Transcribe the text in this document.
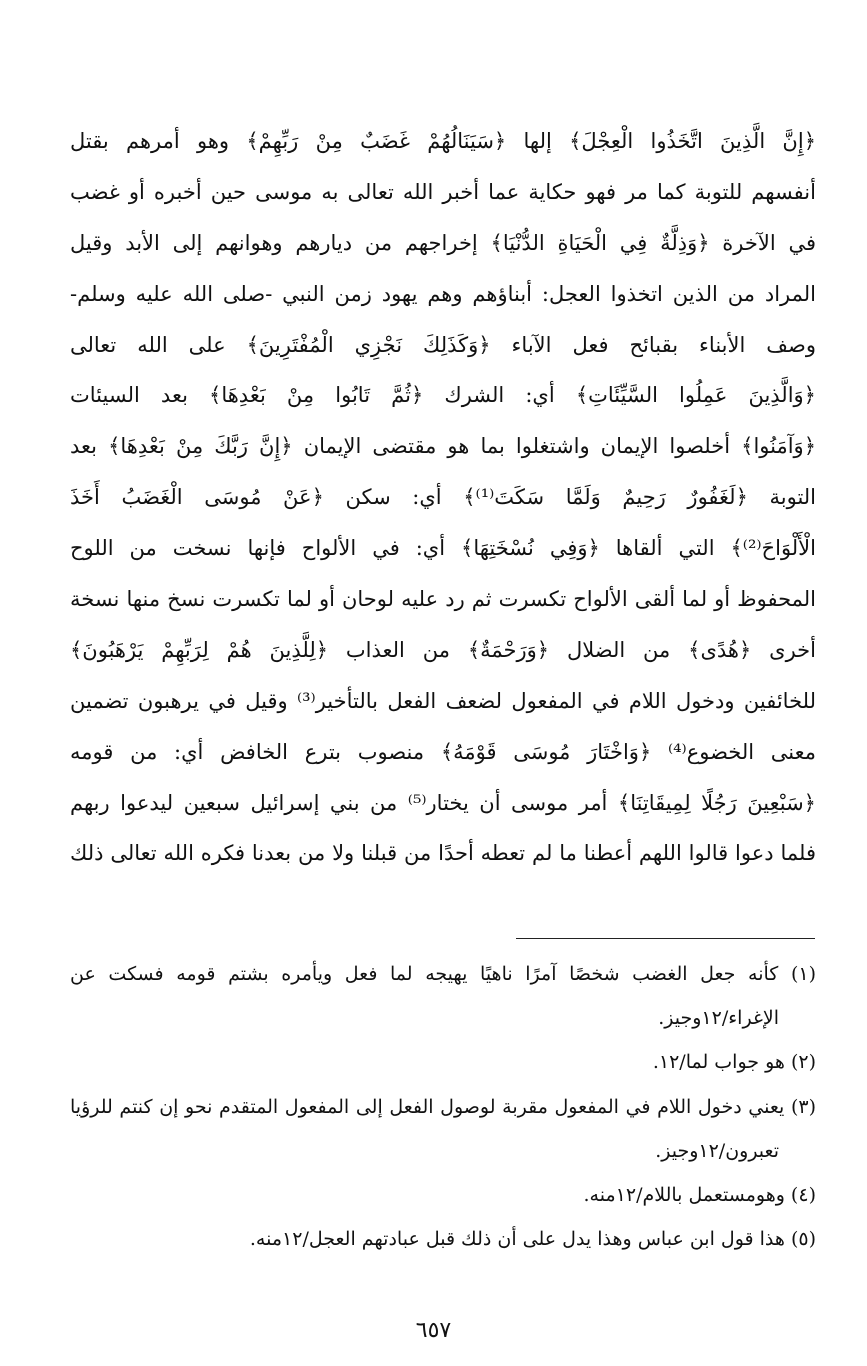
﴿إِنَّ الَّذِينَ اتَّخَذُوا الْعِجْلَ﴾ إلها ﴿سَيَنَالُهُمْ غَضَبٌ مِنْ رَبِّهِمْ﴾ وهو أمرهم بقتل
أنفسهم للتوبة كما مر فهو حكاية عما أخبر الله تعالى به موسى حين أخبره أو غضب
في الآخرة ﴿وَذِلَّةٌ فِي الْحَيَاةِ الدُّنْيَا﴾ إخراجهم من ديارهم وهوانهم إلى الأبد وقيل
المراد من الذين اتخذوا العجل: أبناؤهم وهم يهود زمن النبي -صلى الله عليه وسلم-
وصف الأبناء بقبائح فعل الآباء ﴿وَكَذَلِكَ نَجْزِي الْمُفْتَرِينَ﴾ على الله تعالى
﴿وَالَّذِينَ عَمِلُوا السَّيِّئَاتِ﴾ أي: الشرك ﴿ثُمَّ تَابُوا مِنْ بَعْدِهَا﴾ بعد السيئات
﴿وَآمَنُوا﴾ أخلصوا الإيمان واشتغلوا بما هو مقتضى الإيمان ﴿إِنَّ رَبَّكَ مِنْ بَعْدِهَا﴾ بعد
التوبة ﴿لَغَفُورٌ رَحِيمٌ وَلَمَّا سَكَتَ⁽¹⁾﴾ أي: سكن ﴿عَنْ مُوسَى الْغَضَبُ أَخَذَ
الْأَلْوَاحَ⁽²⁾﴾ التي ألقاها ﴿وَفِي نُسْخَتِهَا﴾ أي: في الألواح فإنها نسخت من اللوح
المحفوظ أو لما ألقى الألواح تكسرت ثم رد عليه لوحان أو لما تكسرت نسخ منها نسخة
أخرى ﴿هُدًى﴾ من الضلال ﴿وَرَحْمَةٌ﴾ من العذاب ﴿لِلَّذِينَ هُمْ لِرَبِّهِمْ يَرْهَبُونَ﴾
للخائفين ودخول اللام في المفعول لضعف الفعل بالتأخير⁽³⁾ وقيل في يرهبون تضمين
معنى الخضوع⁽⁴⁾ ﴿وَاخْتَارَ مُوسَى قَوْمَهُ﴾ منصوب بترع الخافض أي: من قومه
﴿سَبْعِينَ رَجُلًا لِمِيقَاتِنَا﴾ أمر موسى أن يختار⁽⁵⁾ من بني إسرائيل سبعين ليدعوا ربهم
فلما دعوا قالوا اللهم أعطنا ما لم تعطه أحدًا من قبلنا ولا من بعدنا فكره الله تعالى ذلك
(١) كأنه جعل الغضب شخصًا آمرًا ناهيًا يهيجه لما فعل ويأمره بشتم قومه فسكت عن
الإغراء/١٢وجيز.
(٢) هو جواب لما/١٢.
(٣) يعني دخول اللام في المفعول مقربة لوصول الفعل إلى المفعول المتقدم نحو إن كنتم للرؤيا
تعبرون/١٢وجيز.
(٤) وهومستعمل باللام/١٢منه.
(٥) هذا قول ابن عباس وهذا يدل على أن ذلك قبل عبادتهم العجل/١٢منه.
٦٥٧
